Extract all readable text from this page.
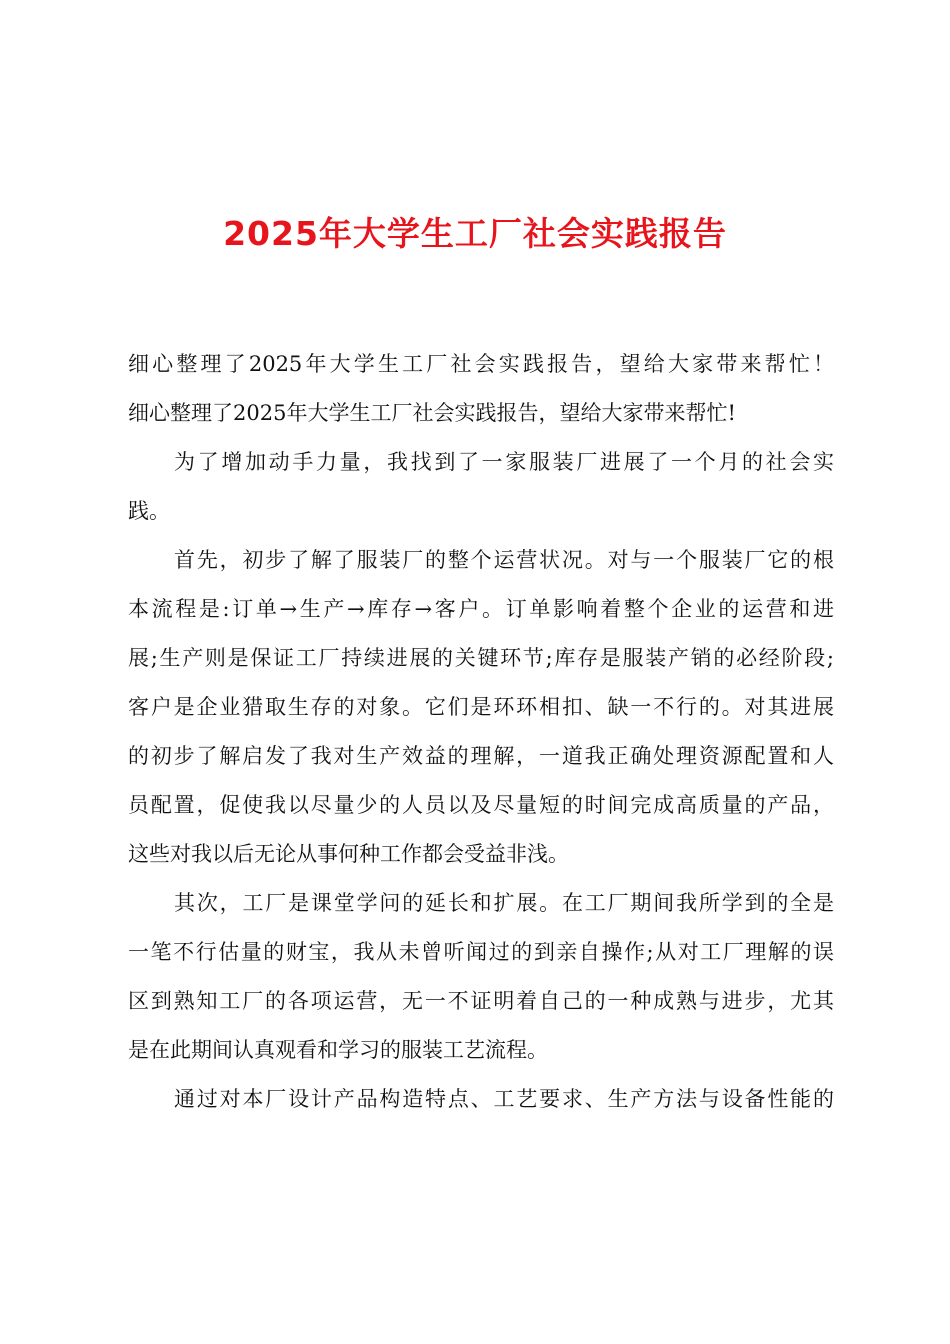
2025年大学生工厂社会实践报告
细心整理了2025年大学生工厂社会实践报告，望给大家带来帮忙！
细心整理了2025年大学生工厂社会实践报告，望给大家带来帮忙!
为了增加动手力量，我找到了一家服装厂进展了一个月的社会实
践。
首先，初步了解了服装厂的整个运营状况。对与一个服装厂它的根
本流程是:订单→生产→库存→客户。订单影响着整个企业的运营和进
展;生产则是保证工厂持续进展的关键环节;库存是服装产销的必经阶段;
客户是企业猎取生存的对象。它们是环环相扣、缺一不行的。对其进展
的初步了解启发了我对生产效益的理解，一道我正确处理资源配置和人
员配置，促使我以尽量少的人员以及尽量短的时间完成高质量的产品，
这些对我以后无论从事何种工作都会受益非浅。
其次，工厂是课堂学问的延长和扩展。在工厂期间我所学到的全是
一笔不行估量的财宝，我从未曾听闻过的到亲自操作;从对工厂理解的误
区到熟知工厂的各项运营，无一不证明着自己的一种成熟与进步，尤其
是在此期间认真观看和学习的服装工艺流程。
通过对本厂设计产品构造特点、工艺要求、生产方法与设备性能的
